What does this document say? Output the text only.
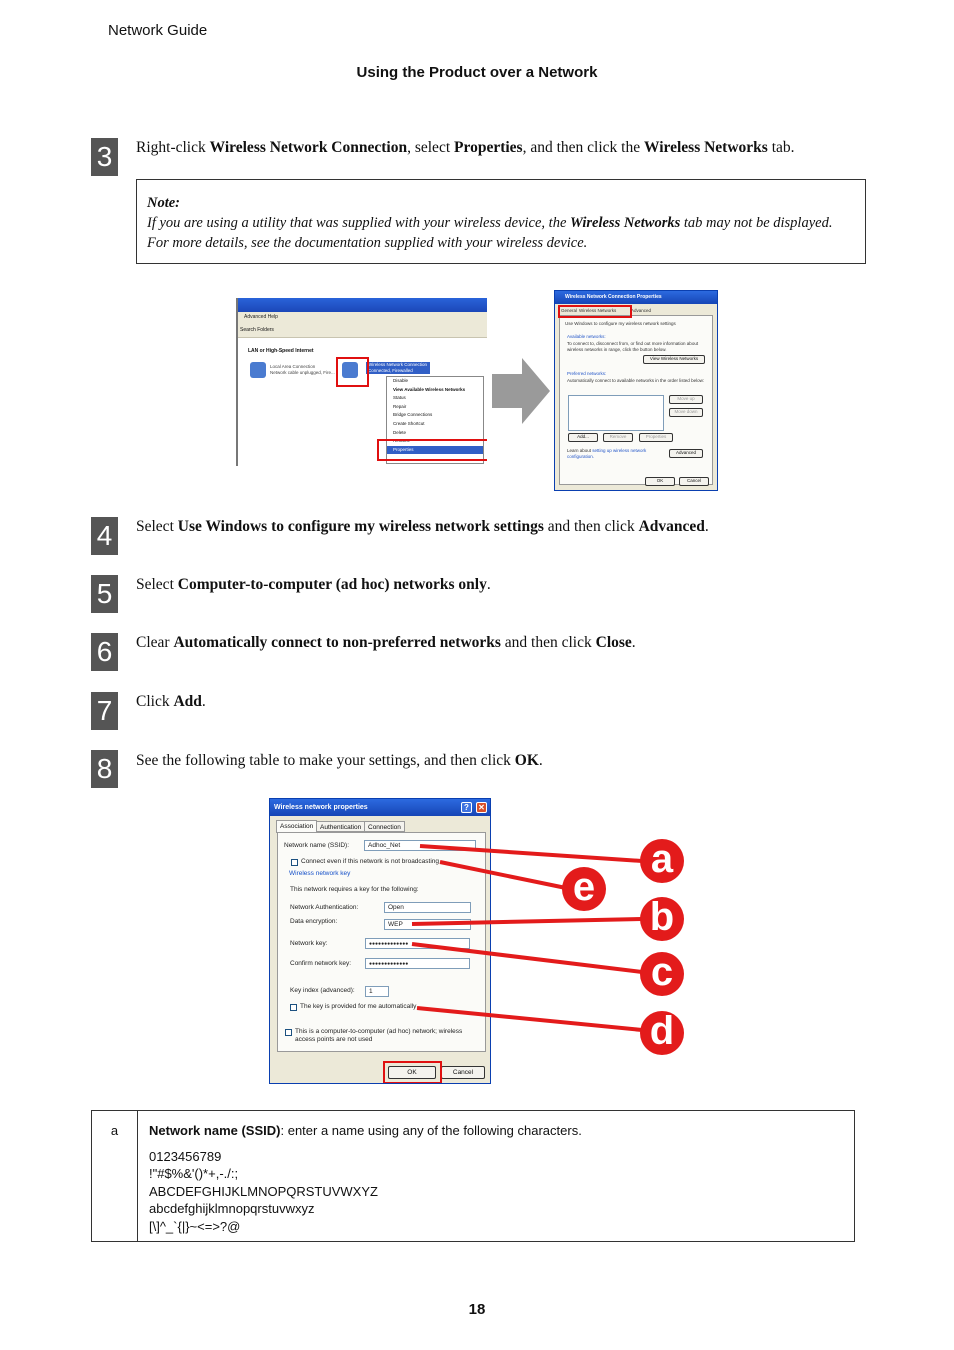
Network Guide
Using the Product over a Network
3	Right-click Wireless Network Connection, select Properties, and then click the Wireless Networks tab.
Note:
If you are using a utility that was supplied with your wireless device, the Wireless Networks tab may not be displayed.
For more details, see the documentation supplied with your wireless device.
Advanced Help
Search Folders
LAN or High-Speed Internet
Local Area Connection
Network cable unplugged, Fire...
Wireless Network Connection
Connected, Firewalled
Disable
View Available Wireless Networks
Status
Repair
Bridge Connections
Create Shortcut
Delete
Rename
Properties
Wireless Network Connection Properties
General Wireless Networks	Advanced
Use Windows to configure my wireless network settings
Available networks:
To connect to, disconnect from, or find out more information about wireless networks in range, click the button below.
View Wireless Networks
Preferred networks:
Automatically connect to available networks in the order listed below:
Move up
Move down
Add...	Remove	Properties
Learn about setting up wireless network configuration.
Advanced
OK	Cancel
4	Select Use Windows to configure my wireless network settings and then click Advanced.
5	Select Computer-to-computer (ad hoc) networks only.
6	Clear Automatically connect to non-preferred networks and then click Close.
7	Click Add.
8	See the following table to make your settings, and then click OK.
Wireless network properties	?	✕
Association	Authentication	Connection
Network name (SSID):	Adhoc_Net
Connect even if this network is not broadcasting
Wireless network key
This network requires a key for the following:
Network Authentication:	Open
Data encryption:	WEP
Network key:	●●●●●●●●●●●●●
Confirm network key:	●●●●●●●●●●●●●
Key index (advanced):	1
The key is provided for me automatically
This is a computer-to-computer (ad hoc) network; wireless
access points are not used
OK	Cancel
a
e
b
c
d
a	Network name (SSID): enter a name using any of the following characters.
0123456789
!"#$%&'()*+,-./:;
ABCDEFGHIJKLMNOPQRSTUVWXYZ
abcdefghijklmnopqrstuvwxyz
[\]^_`{|}~<=>?@
18
